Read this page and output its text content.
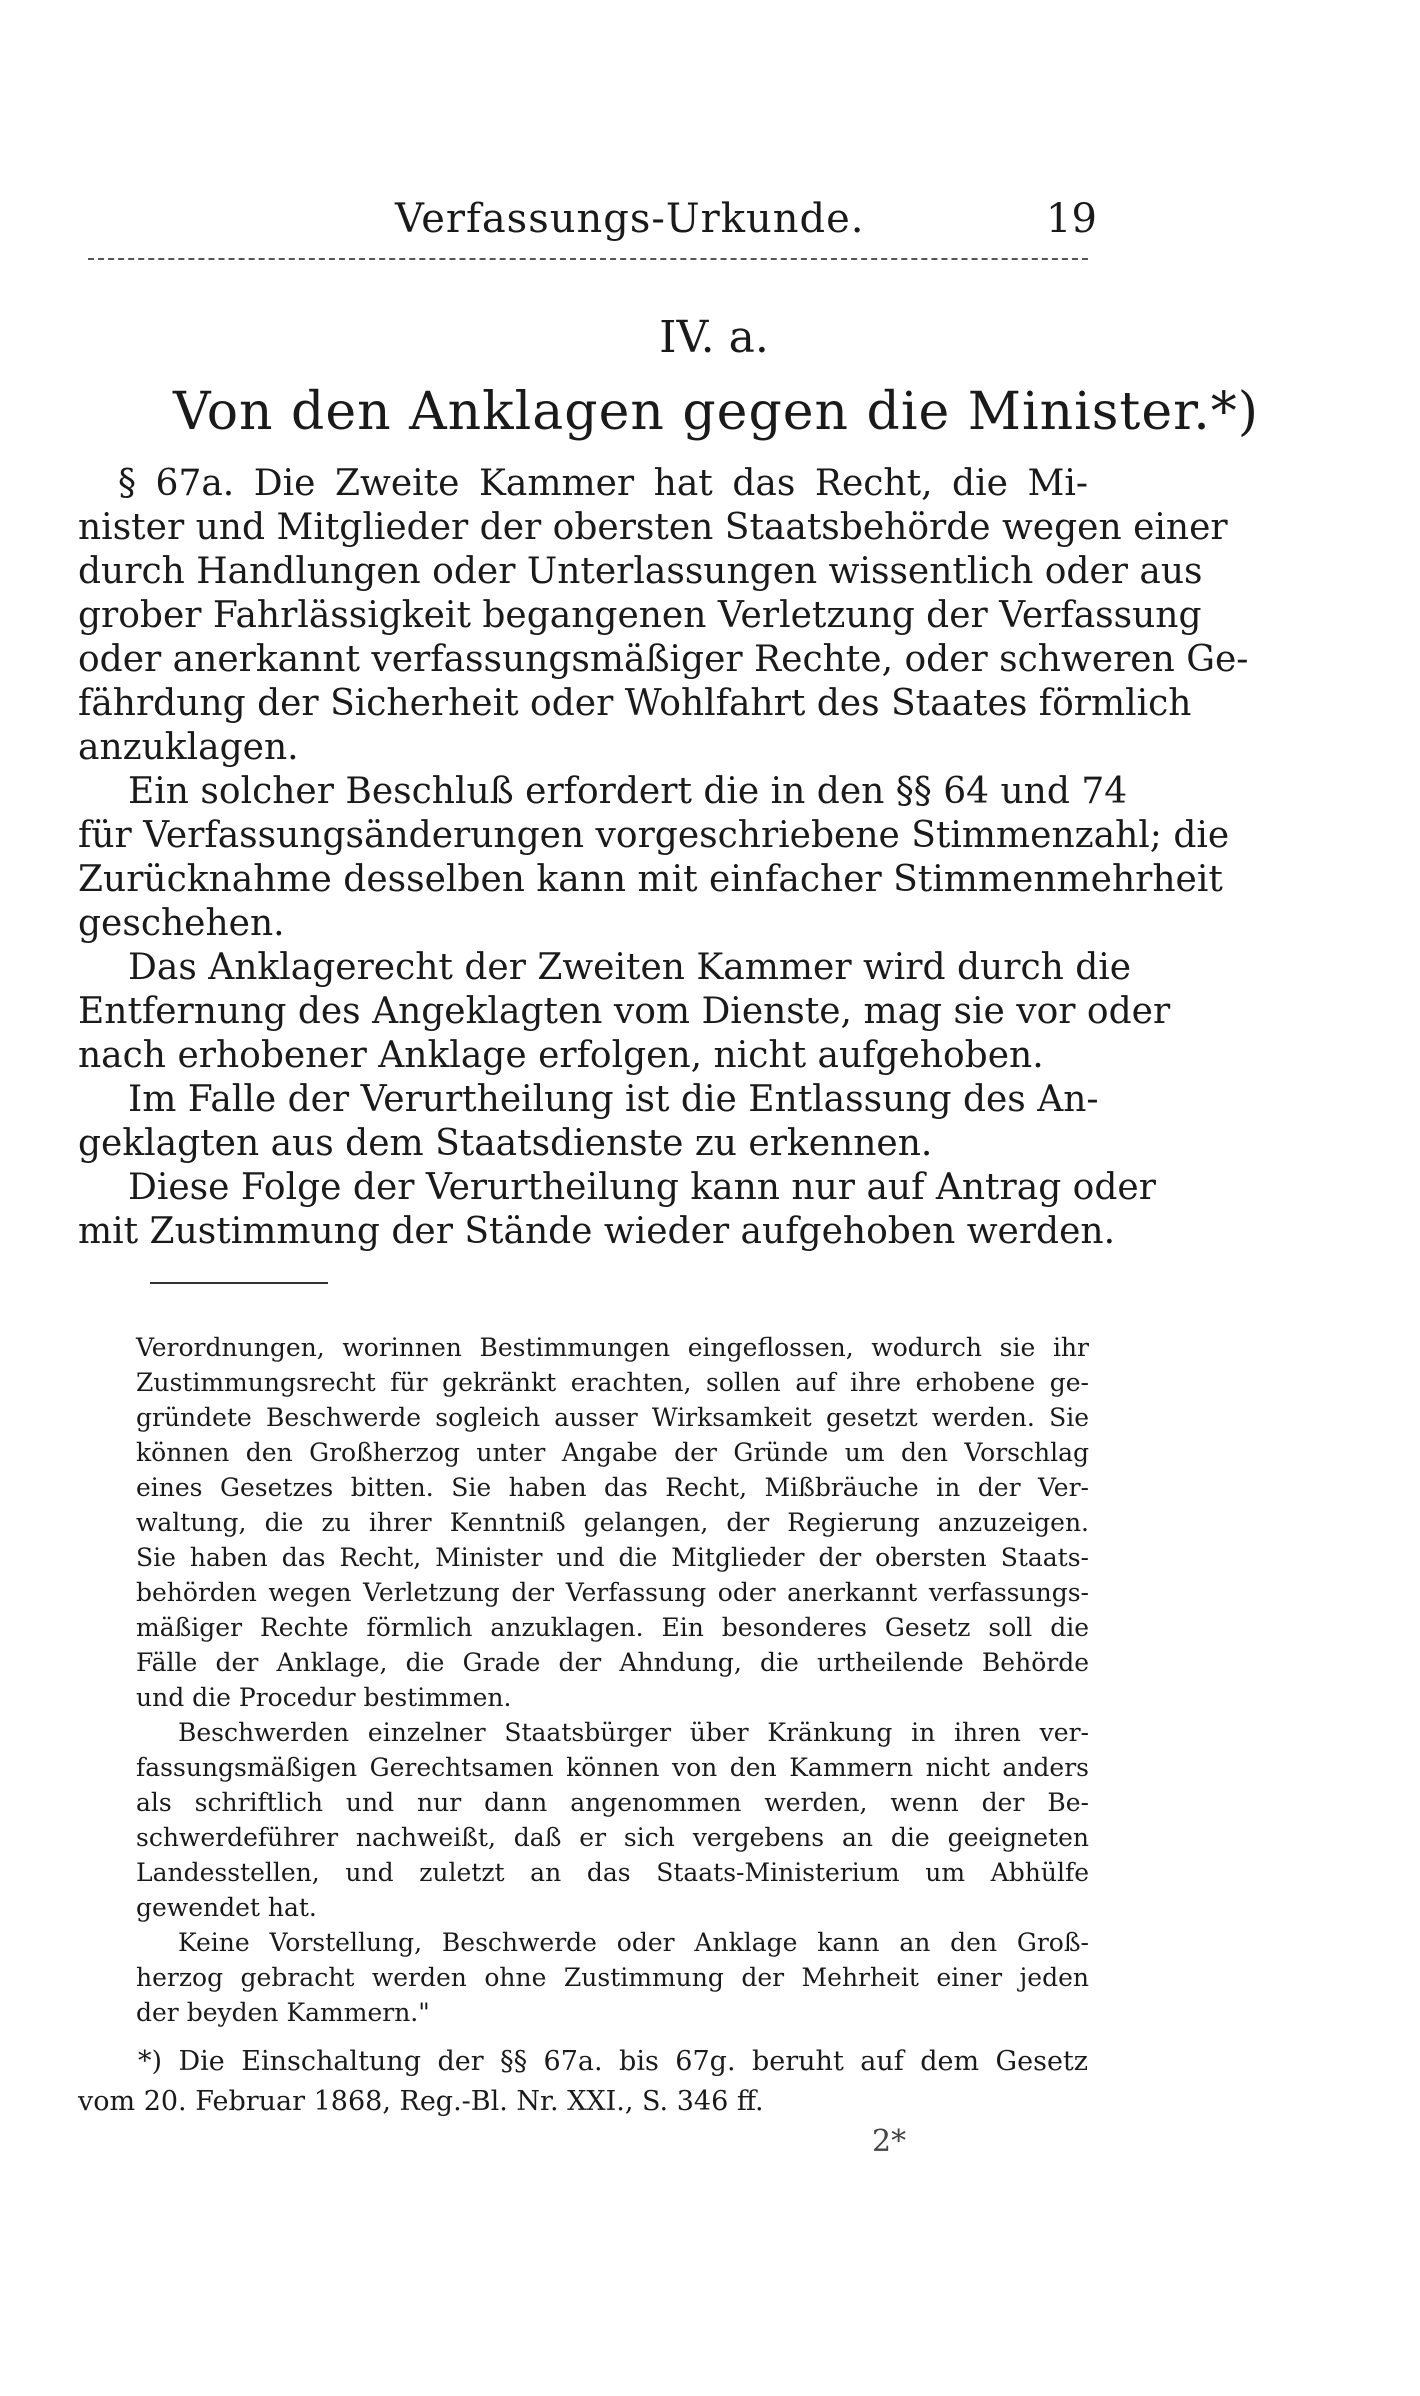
Verfassungs-Urkunde.	19
IV. a.
Von den Anklagen gegen die Minister.*)
§ 67a. Die Zweite Kammer hat das Recht, die Mi-
nister und Mitglieder der obersten Staatsbehörde wegen einer
durch Handlungen oder Unterlassungen wissentlich oder aus
grober Fahrlässigkeit begangenen Verletzung der Verfassung
oder anerkannt verfassungsmäßiger Rechte, oder schweren Ge-
fährdung der Sicherheit oder Wohlfahrt des Staates förmlich
anzuklagen.
Ein solcher Beschluß erfordert die in den §§ 64 und 74
für Verfassungsänderungen vorgeschriebene Stimmenzahl; die
Zurücknahme desselben kann mit einfacher Stimmenmehrheit
geschehen.
Das Anklagerecht der Zweiten Kammer wird durch die
Entfernung des Angeklagten vom Dienste, mag sie vor oder
nach erhobener Anklage erfolgen, nicht aufgehoben.
Im Falle der Verurtheilung ist die Entlassung des An-
geklagten aus dem Staatsdienste zu erkennen.
Diese Folge der Verurtheilung kann nur auf Antrag oder
mit Zustimmung der Stände wieder aufgehoben werden.
Verordnungen, worinnen Bestimmungen eingeflossen, wodurch sie ihr
Zustimmungsrecht für gekränkt erachten, sollen auf ihre erhobene ge-
gründete Beschwerde sogleich ausser Wirksamkeit gesetzt werden. Sie
können den Großherzog unter Angabe der Gründe um den Vorschlag
eines Gesetzes bitten. Sie haben das Recht, Mißbräuche in der Ver-
waltung, die zu ihrer Kenntniß gelangen, der Regierung anzuzeigen.
Sie haben das Recht, Minister und die Mitglieder der obersten Staats-
behörden wegen Verletzung der Verfassung oder anerkannt verfassungs-
mäßiger Rechte förmlich anzuklagen. Ein besonderes Gesetz soll die
Fälle der Anklage, die Grade der Ahndung, die urtheilende Behörde
und die Procedur bestimmen.
Beschwerden einzelner Staatsbürger über Kränkung in ihren ver-
fassungsmäßigen Gerechtsamen können von den Kammern nicht anders
als schriftlich und nur dann angenommen werden, wenn der Be-
schwerdeführer nachweißt, daß er sich vergebens an die geeigneten
Landesstellen, und zuletzt an das Staats-Ministerium um Abhülfe
gewendet hat.
Keine Vorstellung, Beschwerde oder Anklage kann an den Groß-
herzog gebracht werden ohne Zustimmung der Mehrheit einer jeden
der beyden Kammern."
*) Die Einschaltung der §§ 67a. bis 67g. beruht auf dem Gesetz
vom 20. Februar 1868, Reg.-Bl. Nr. XXI., S. 346 ff.
2*
